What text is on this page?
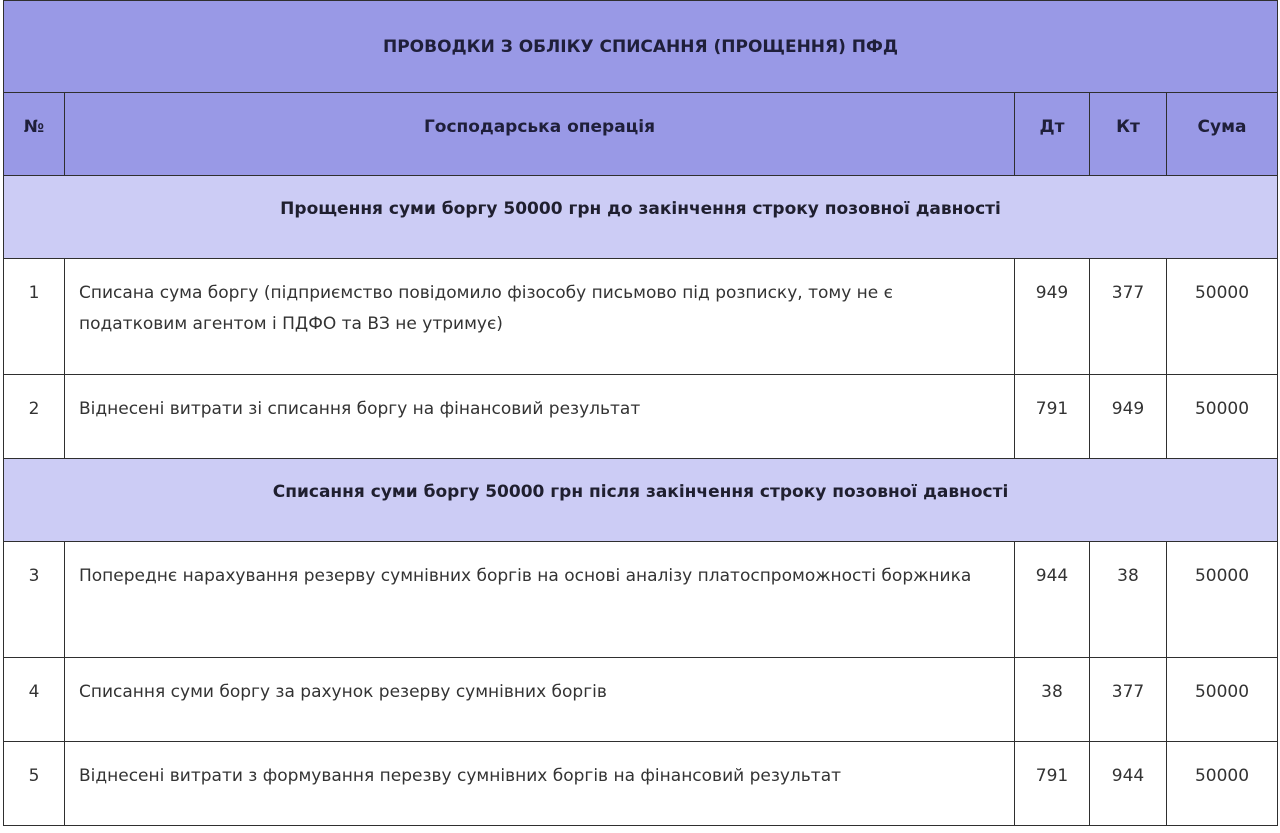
ПРОВОДКИ З ОБЛІКУ СПИСАННЯ (ПРОЩЕННЯ) ПФД				
№	Господарська операція	Дт	Кт	Сума
Прощення суми боргу 50000 грн до закінчення строку позовної давності				
1	Списана сума боргу (підприємство повідомило фізособу письмово під розписку, тому не є податковим агентом і ПДФО та ВЗ не утримує)	949	377	50000
2	Віднесені витрати зі списання боргу на фінансовий результат	791	949	50000
Списання суми боргу 50000 грн після закінчення строку позовної давності				
3	Попереднє нарахування резерву сумнівних боргів на основі аналізу платоспроможності боржника	944	38	50000
4	Списання суми боргу за рахунок резерву сумнівних боргів	38	377	50000
5	Віднесені витрати з формування перезву сумнівних боргів на фінансовий результат	791	944	50000
